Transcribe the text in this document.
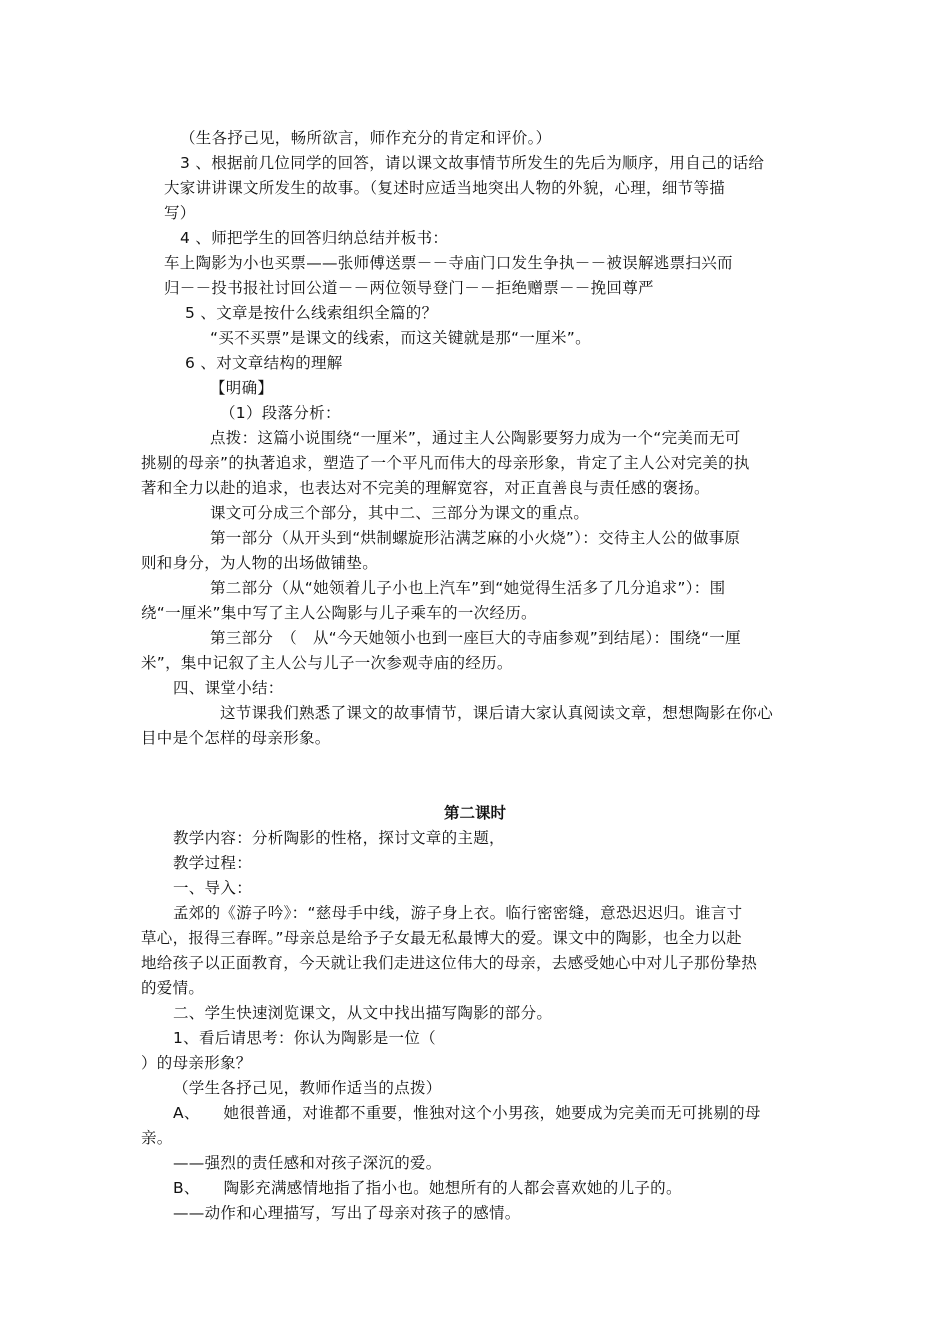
（生各抒己见，畅所欲言，师作充分的肯定和评价。）

3 、根据前几位同学的回答，请以课文故事情节所发生的先后为顺序，用自己的话给

大家讲讲课文所发生的故事。（复述时应适当地突出人物的外貌，心理，细节等描

写）

4 、师把学生的回答归纳总结并板书：

车上陶影为小也买票——张师傅送票－－寺庙门口发生争执－－被误解逃票扫兴而

归－－投书报社讨回公道－－两位领导登门－－拒绝赠票－－挽回尊严

5 、文章是按什么线索组织全篇的？

“买不买票”是课文的线索，而这关键就是那“一厘米”。

6 、对文章结构的理解

【明确】

（1）段落分析：

点拨：这篇小说围绕“一厘米”，通过主人公陶影要努力成为一个“完美而无可

挑剔的母亲”的执著追求，塑造了一个平凡而伟大的母亲形象，肯定了主人公对完美的执

著和全力以赴的追求，也表达对不完美的理解宽容，对正直善良与责任感的褒扬。

课文可分成三个部分，其中二、三部分为课文的重点。

第一部分（从开头到“烘制螺旋形沾满芝麻的小火烧”）：交待主人公的做事原

则和身分，为人物的出场做铺垫。

第二部分（从“她领着儿子小也上汽车”到“她觉得生活多了几分追求”）：围

绕“一厘米”集中写了主人公陶影与儿子乘车的一次经历。

第三部分　（　从“今天她领小也到一座巨大的寺庙参观”到结尾）：围绕“一厘

米”，集中记叙了主人公与儿子一次参观寺庙的经历。

四、课堂小结：

这节课我们熟悉了课文的故事情节，课后请大家认真阅读文章，想想陶影在你心

目中是个怎样的母亲形象。

第二课时

教学内容：分析陶影的性格，探讨文章的主题，

教学过程：

一、导入：

孟郊的《游子吟》：“慈母手中线，游子身上衣。临行密密缝，意恐迟迟归。谁言寸

草心，报得三春晖。”母亲总是给予子女最无私最博大的爱。课文中的陶影，也全力以赴

地给孩子以正面教育，今天就让我们走进这位伟大的母亲，去感受她心中对儿子那份挚热

的爱情。

二、学生快速浏览课文，从文中找出描写陶影的部分。

1、看后请思考：你认为陶影是一位（

）的母亲形象？

（学生各抒己见，教师作适当的点拨）

A、　　她很普通，对谁都不重要，惟独对这个小男孩，她要成为完美而无可挑剔的母

亲。

——强烈的责任感和对孩子深沉的爱。

B、　　陶影充满感情地指了指小也。她想所有的人都会喜欢她的儿子的。

——动作和心理描写，写出了母亲对孩子的感情。
